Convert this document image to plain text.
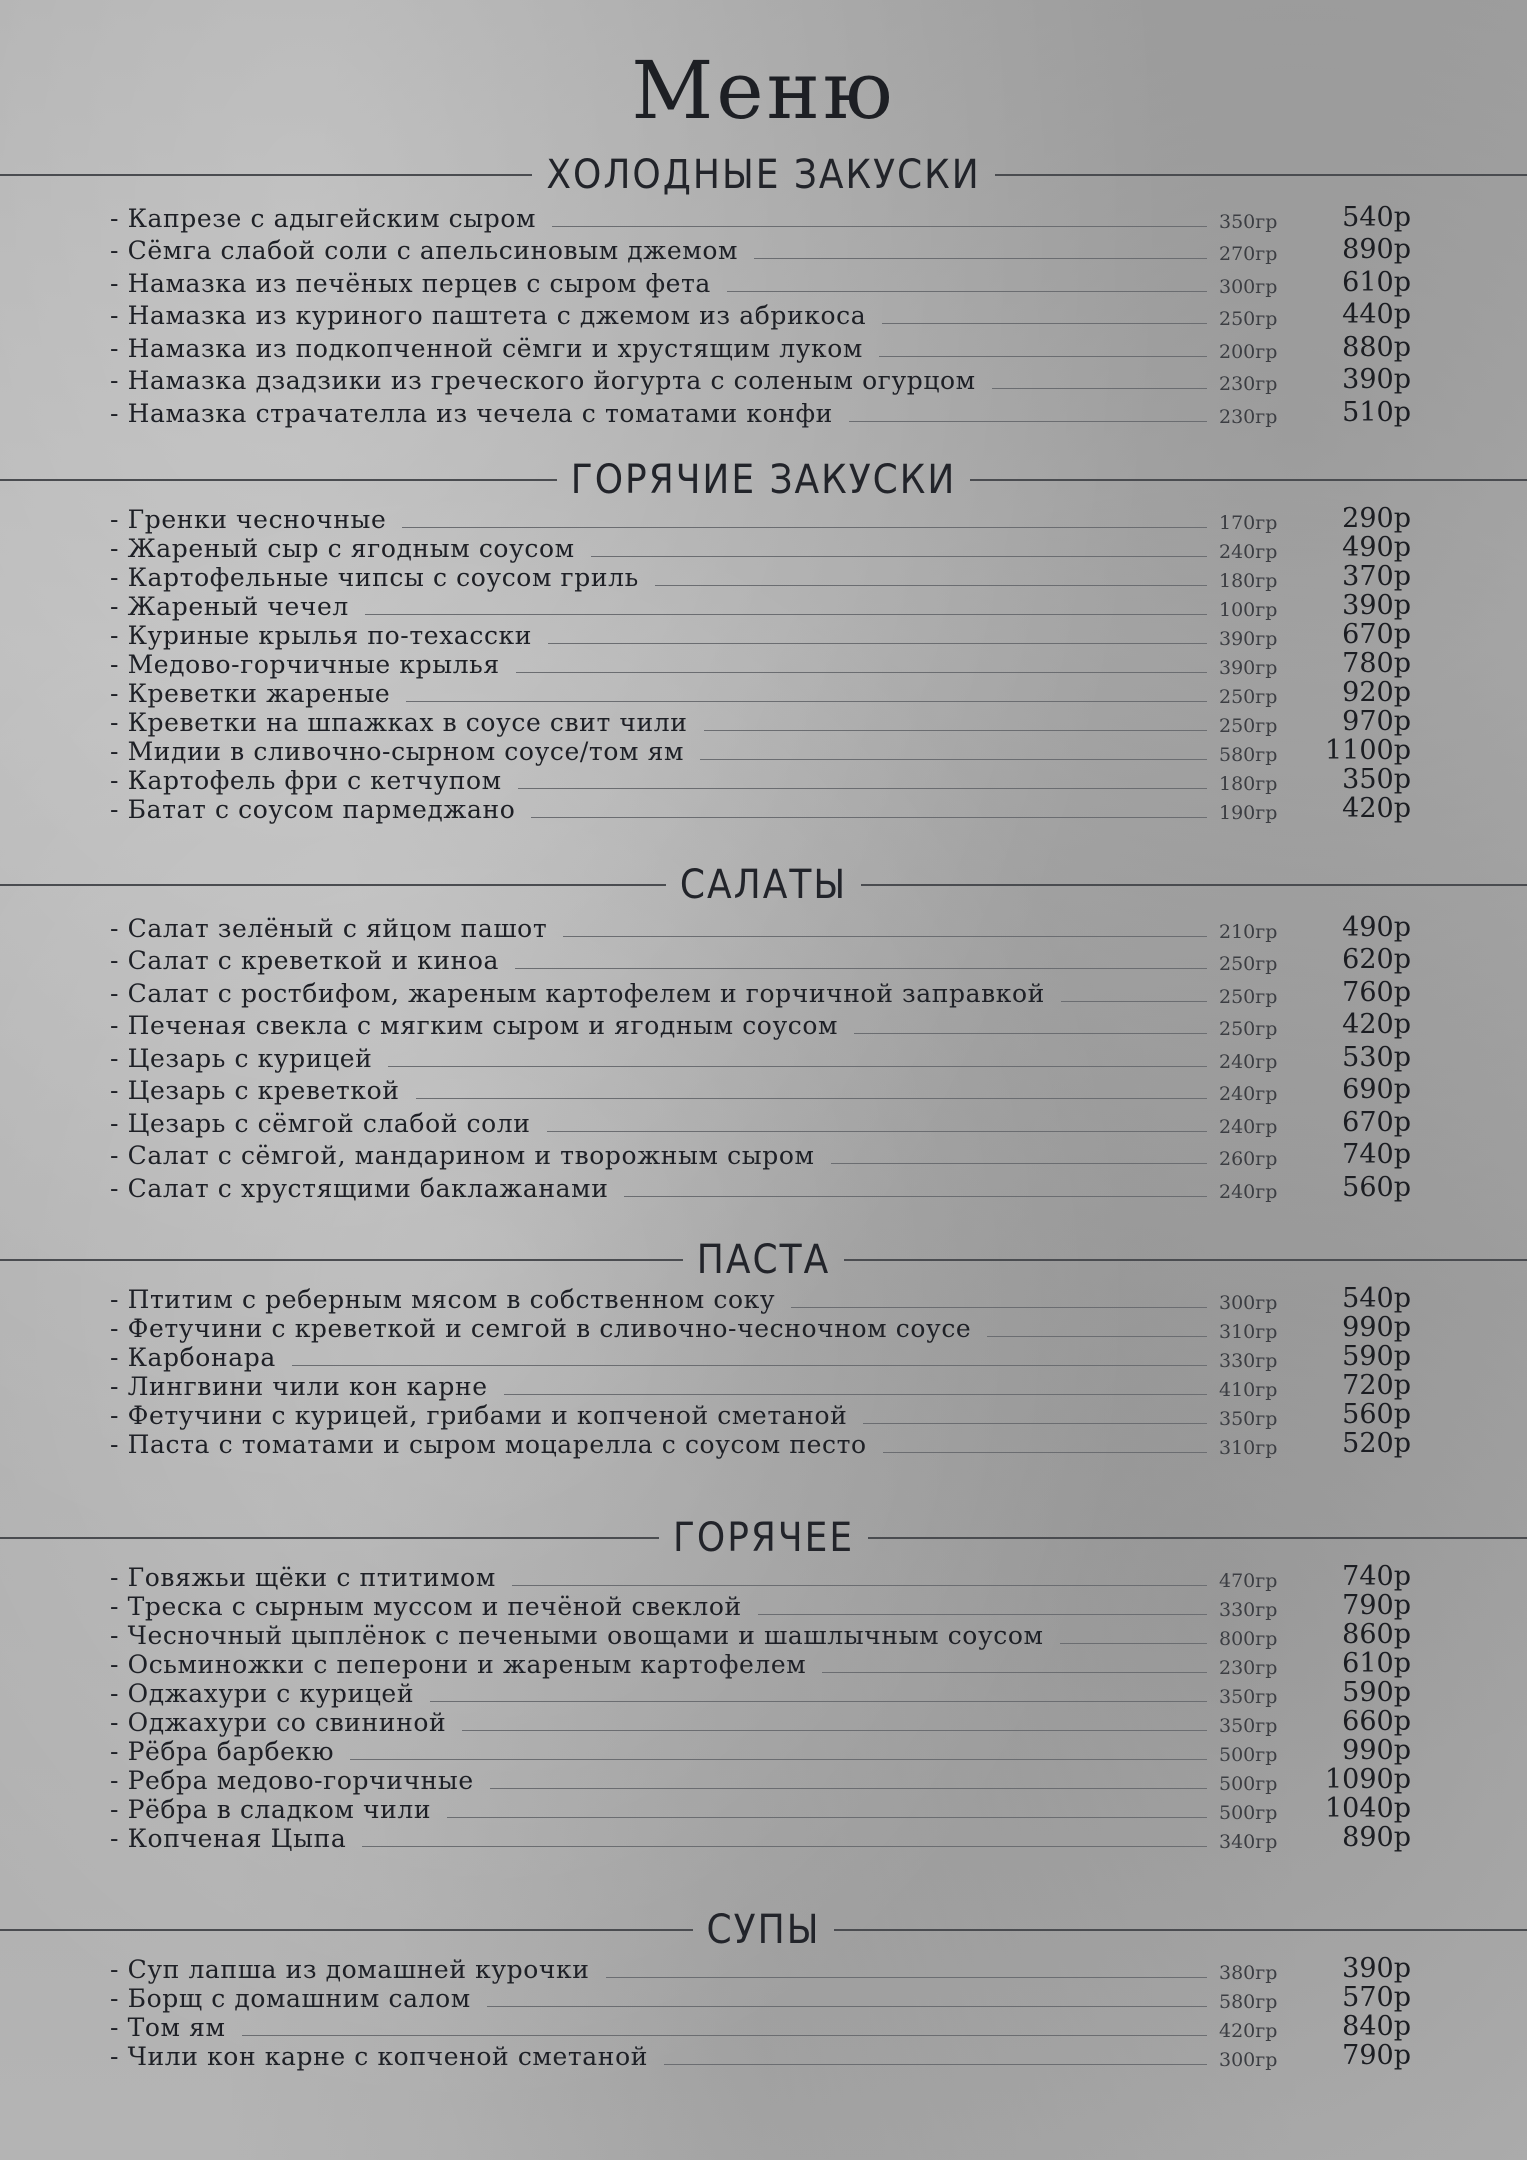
Меню
ХОЛОДНЫЕ ЗАКУСКИ
- Капрезе с адыгейским сыром	350гр	540р
- Сёмга слабой соли с апельсиновым джемом	270гр	890р
- Намазка из печёных перцев с сыром фета	300гр	610р
- Намазка из куриного паштета с джемом из абрикоса	250гр	440р
- Намазка из подкопченной сёмги и хрустящим луком	200гр	880р
- Намазка дзадзики из греческого йогурта с соленым огурцом	230гр	390р
- Намазка страчателла из чечела с томатами конфи	230гр	510р
ГОРЯЧИЕ ЗАКУСКИ
- Гренки чесночные	170гр	290р
- Жареный сыр с ягодным соусом	240гр	490р
- Картофельные чипсы с соусом гриль	180гр	370р
- Жареный чечел	100гр	390р
- Куриные крылья по-техасски	390гр	670р
- Медово-горчичные крылья	390гр	780р
- Креветки жареные	250гр	920р
- Креветки на шпажках в соусе свит чили	250гр	970р
- Мидии в сливочно-сырном соусе/том ям	580гр	1100р
- Картофель фри с кетчупом	180гр	350р
- Батат с соусом пармеджано	190гр	420р
САЛАТЫ
- Салат зелёный с яйцом пашот	210гр	490р
- Салат с креветкой и киноа	250гр	620р
- Салат с ростбифом, жареным картофелем и горчичной заправкой	250гр	760р
- Печеная свекла с мягким сыром и ягодным соусом	250гр	420р
- Цезарь с курицей	240гр	530р
- Цезарь с креветкой	240гр	690р
- Цезарь с сёмгой слабой соли	240гр	670р
- Салат с сёмгой, мандарином и творожным сыром	260гр	740р
- Салат с хрустящими баклажанами	240гр	560р
ПАСТА
- Птитим с реберным мясом в собственном соку	300гр	540р
- Фетучини с креветкой и семгой в сливочно-чесночном соусе	310гр	990р
- Карбонара	330гр	590р
- Лингвини чили кон карне	410гр	720р
- Фетучини с курицей, грибами и копченой сметаной	350гр	560р
- Паста с томатами и сыром моцарелла с соусом песто	310гр	520р
ГОРЯЧЕЕ
- Говяжьи щёки с птитимом	470гр	740р
- Треска с сырным муссом и печёной свеклой	330гр	790р
- Чесночный цыплёнок с печеными овощами и шашлычным соусом	800гр	860р
- Осьминожки с пеперони и жареным картофелем	230гр	610р
- Оджахури с курицей	350гр	590р
- Оджахури со свининой	350гр	660р
- Рёбра барбекю	500гр	990р
- Ребра медово-горчичные	500гр	1090р
- Рёбра в сладком чили	500гр	1040р
- Копченая Цыпа	340гр	890р
СУПЫ
- Суп лапша из домашней курочки	380гр	390р
- Борщ с домашним салом	580гр	570р
- Том ям	420гр	840р
- Чили кон карне с копченой сметаной	300гр	790р
